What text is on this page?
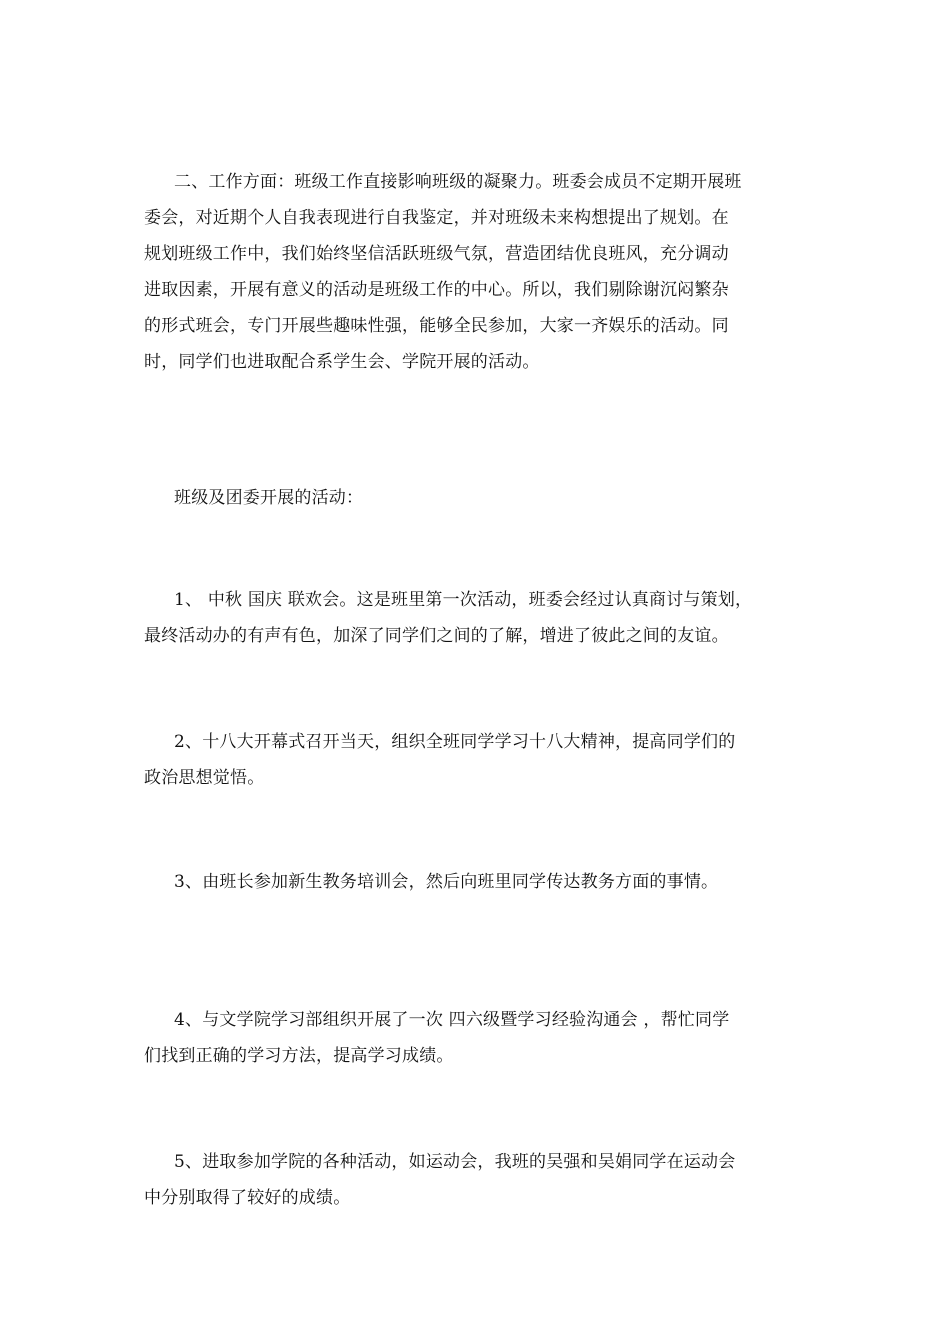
二、工作方面：班级工作直接影响班级的凝聚力。班委会成员不定期开展班
委会，对近期个人自我表现进行自我鉴定，并对班级未来构想提出了规划。在
规划班级工作中，我们始终坚信活跃班级气氛，营造团结优良班风，充分调动
进取因素，开展有意义的活动是班级工作的中心。所以，我们剔除谢沉闷繁杂
的形式班会，专门开展些趣味性强，能够全民参加，大家一齐娱乐的活动。同
时，同学们也进取配合系学生会、学院开展的活动。
班级及团委开展的活动：
1、 中秋 国庆 联欢会。这是班里第一次活动，班委会经过认真商讨与策划，
最终活动办的有声有色，加深了同学们之间的了解，增进了彼此之间的友谊。
2、十八大开幕式召开当天，组织全班同学学习十八大精神，提高同学们的
政治思想觉悟。
3、由班长参加新生教务培训会，然后向班里同学传达教务方面的事情。
4、与文学院学习部组织开展了一次 四六级暨学习经验沟通会 ，帮忙同学
们找到正确的学习方法，提高学习成绩。
5、进取参加学院的各种活动，如运动会，我班的吴强和吴娟同学在运动会
中分别取得了较好的成绩。
